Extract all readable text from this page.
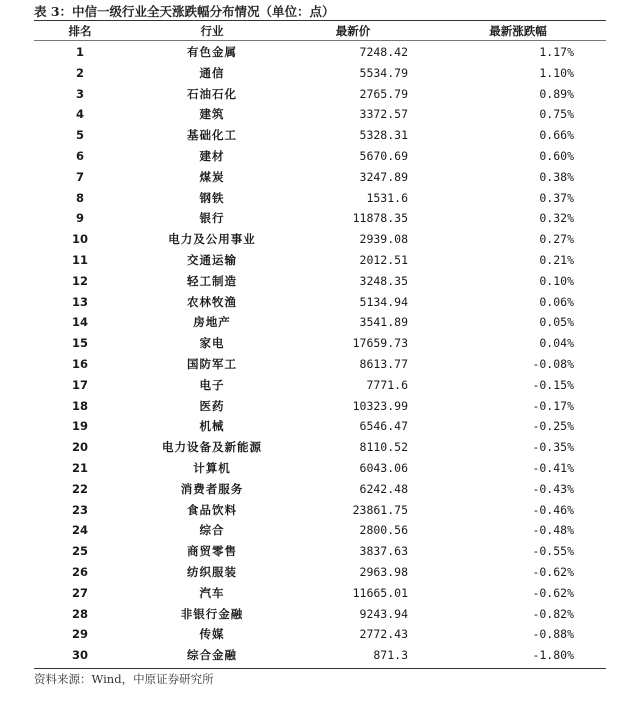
表 3：中信一级行业全天涨跌幅分布情况（单位：点）
排名	行业	最新价	最新涨跌幅
1	有色金属	7248.42	1.17%
2	通信	5534.79	1.10%
3	石油石化	2765.79	0.89%
4	建筑	3372.57	0.75%
5	基础化工	5328.31	0.66%
6	建材	5670.69	0.60%
7	煤炭	3247.89	0.38%
8	钢铁	1531.6	0.37%
9	银行	11878.35	0.32%
10	电力及公用事业	2939.08	0.27%
11	交通运输	2012.51	0.21%
12	轻工制造	3248.35	0.10%
13	农林牧渔	5134.94	0.06%
14	房地产	3541.89	0.05%
15	家电	17659.73	0.04%
16	国防军工	8613.77	-0.08%
17	电子	7771.6	-0.15%
18	医药	10323.99	-0.17%
19	机械	6546.47	-0.25%
20	电力设备及新能源	8110.52	-0.35%
21	计算机	6043.06	-0.41%
22	消费者服务	6242.48	-0.43%
23	食品饮料	23861.75	-0.46%
24	综合	2800.56	-0.48%
25	商贸零售	3837.63	-0.55%
26	纺织服装	2963.98	-0.62%
27	汽车	11665.01	-0.62%
28	非银行金融	9243.94	-0.82%
29	传媒	2772.43	-0.88%
30	综合金融	871.3	-1.80%
资料来源：Wind，中原证券研究所
